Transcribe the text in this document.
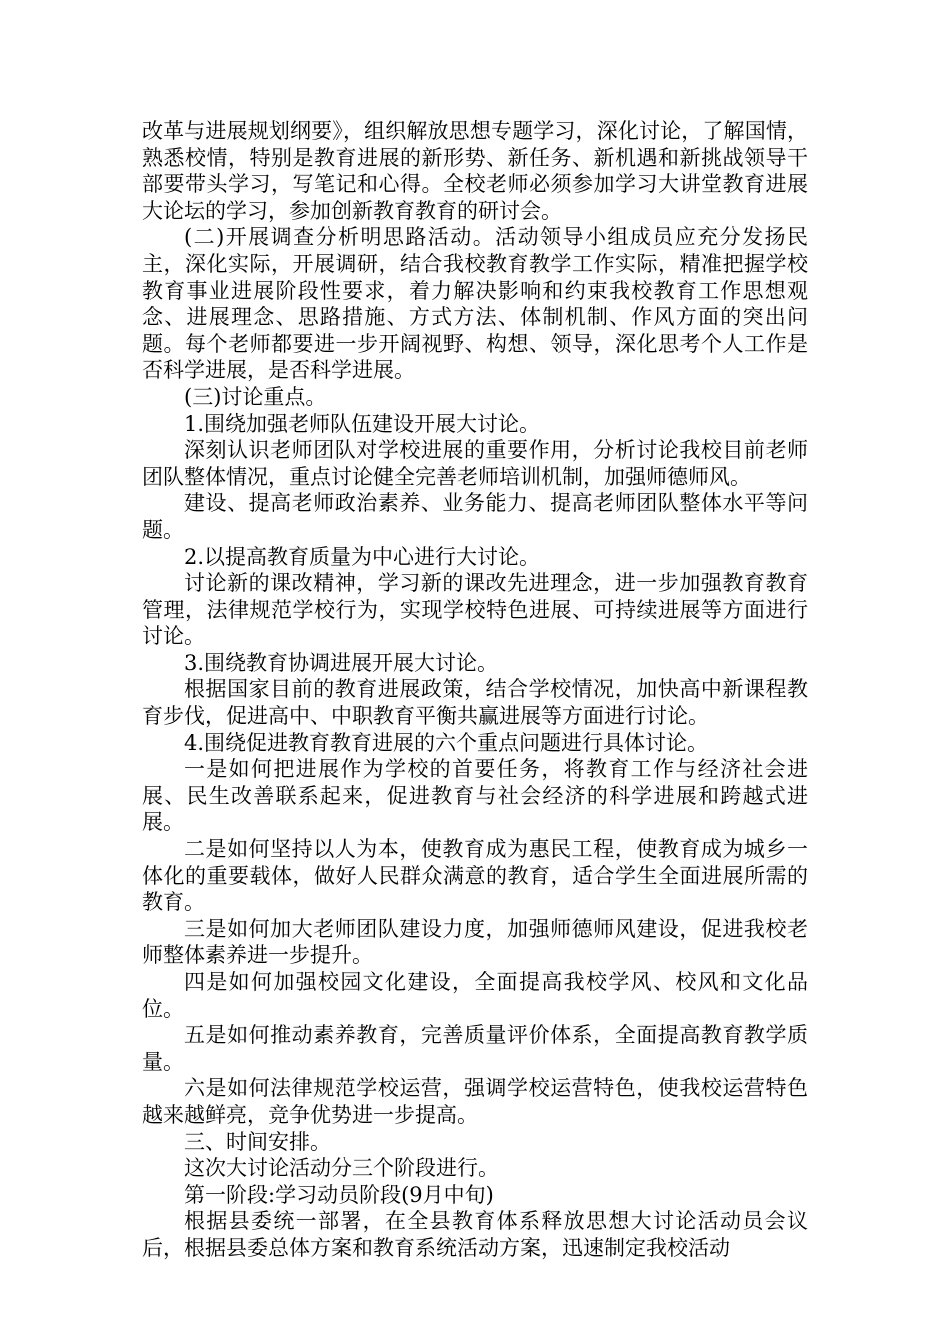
改革与进展规划纲要》，组织解放思想专题学习，深化讨论，了解国情，熟悉校情，特别是教育进展的新形势、新任务、新机遇和新挑战领导干部要带头学习，写笔记和心得。全校老师必须参加学习大讲堂教育进展大论坛的学习，参加创新教育教育的研讨会。

(二)开展调查分析明思路活动。活动领导小组成员应充分发扬民主，深化实际，开展调研，结合我校教育教学工作实际，精准把握学校教育事业进展阶段性要求，着力解决影响和约束我校教育工作思想观念、进展理念、思路措施、方式方法、体制机制、作风方面的突出问题。每个老师都要进一步开阔视野、构想、领导，深化思考个人工作是否科学进展，是否科学进展。

(三)讨论重点。

1.围绕加强老师队伍建设开展大讨论。

深刻认识老师团队对学校进展的重要作用，分析讨论我校目前老师团队整体情况，重点讨论健全完善老师培训机制，加强师德师风。

建设、提高老师政治素养、业务能力、提高老师团队整体水平等问题。

2.以提高教育质量为中心进行大讨论。

讨论新的课改精神，学习新的课改先进理念，进一步加强教育教育管理，法律规范学校行为，实现学校特色进展、可持续进展等方面进行讨论。

3.围绕教育协调进展开展大讨论。

根据国家目前的教育进展政策，结合学校情况，加快高中新课程教育步伐，促进高中、中职教育平衡共赢进展等方面进行讨论。

4.围绕促进教育教育进展的六个重点问题进行具体讨论。

一是如何把进展作为学校的首要任务，将教育工作与经济社会进展、民生改善联系起来，促进教育与社会经济的科学进展和跨越式进展。

二是如何坚持以人为本，使教育成为惠民工程，使教育成为城乡一体化的重要载体，做好人民群众满意的教育，适合学生全面进展所需的教育。

三是如何加大老师团队建设力度，加强师德师风建设，促进我校老师整体素养进一步提升。

四是如何加强校园文化建设，全面提高我校学风、校风和文化品位。

五是如何推动素养教育，完善质量评价体系，全面提高教育教学质量。

六是如何法律规范学校运营，强调学校运营特色，使我校运营特色越来越鲜亮，竞争优势进一步提高。

三、时间安排。

这次大讨论活动分三个阶段进行。

第一阶段:学习动员阶段(9月中旬)

根据县委统一部署，在全县教育体系释放思想大讨论活动员会议后，根据县委总体方案和教育系统活动方案，迅速制定我校活动
